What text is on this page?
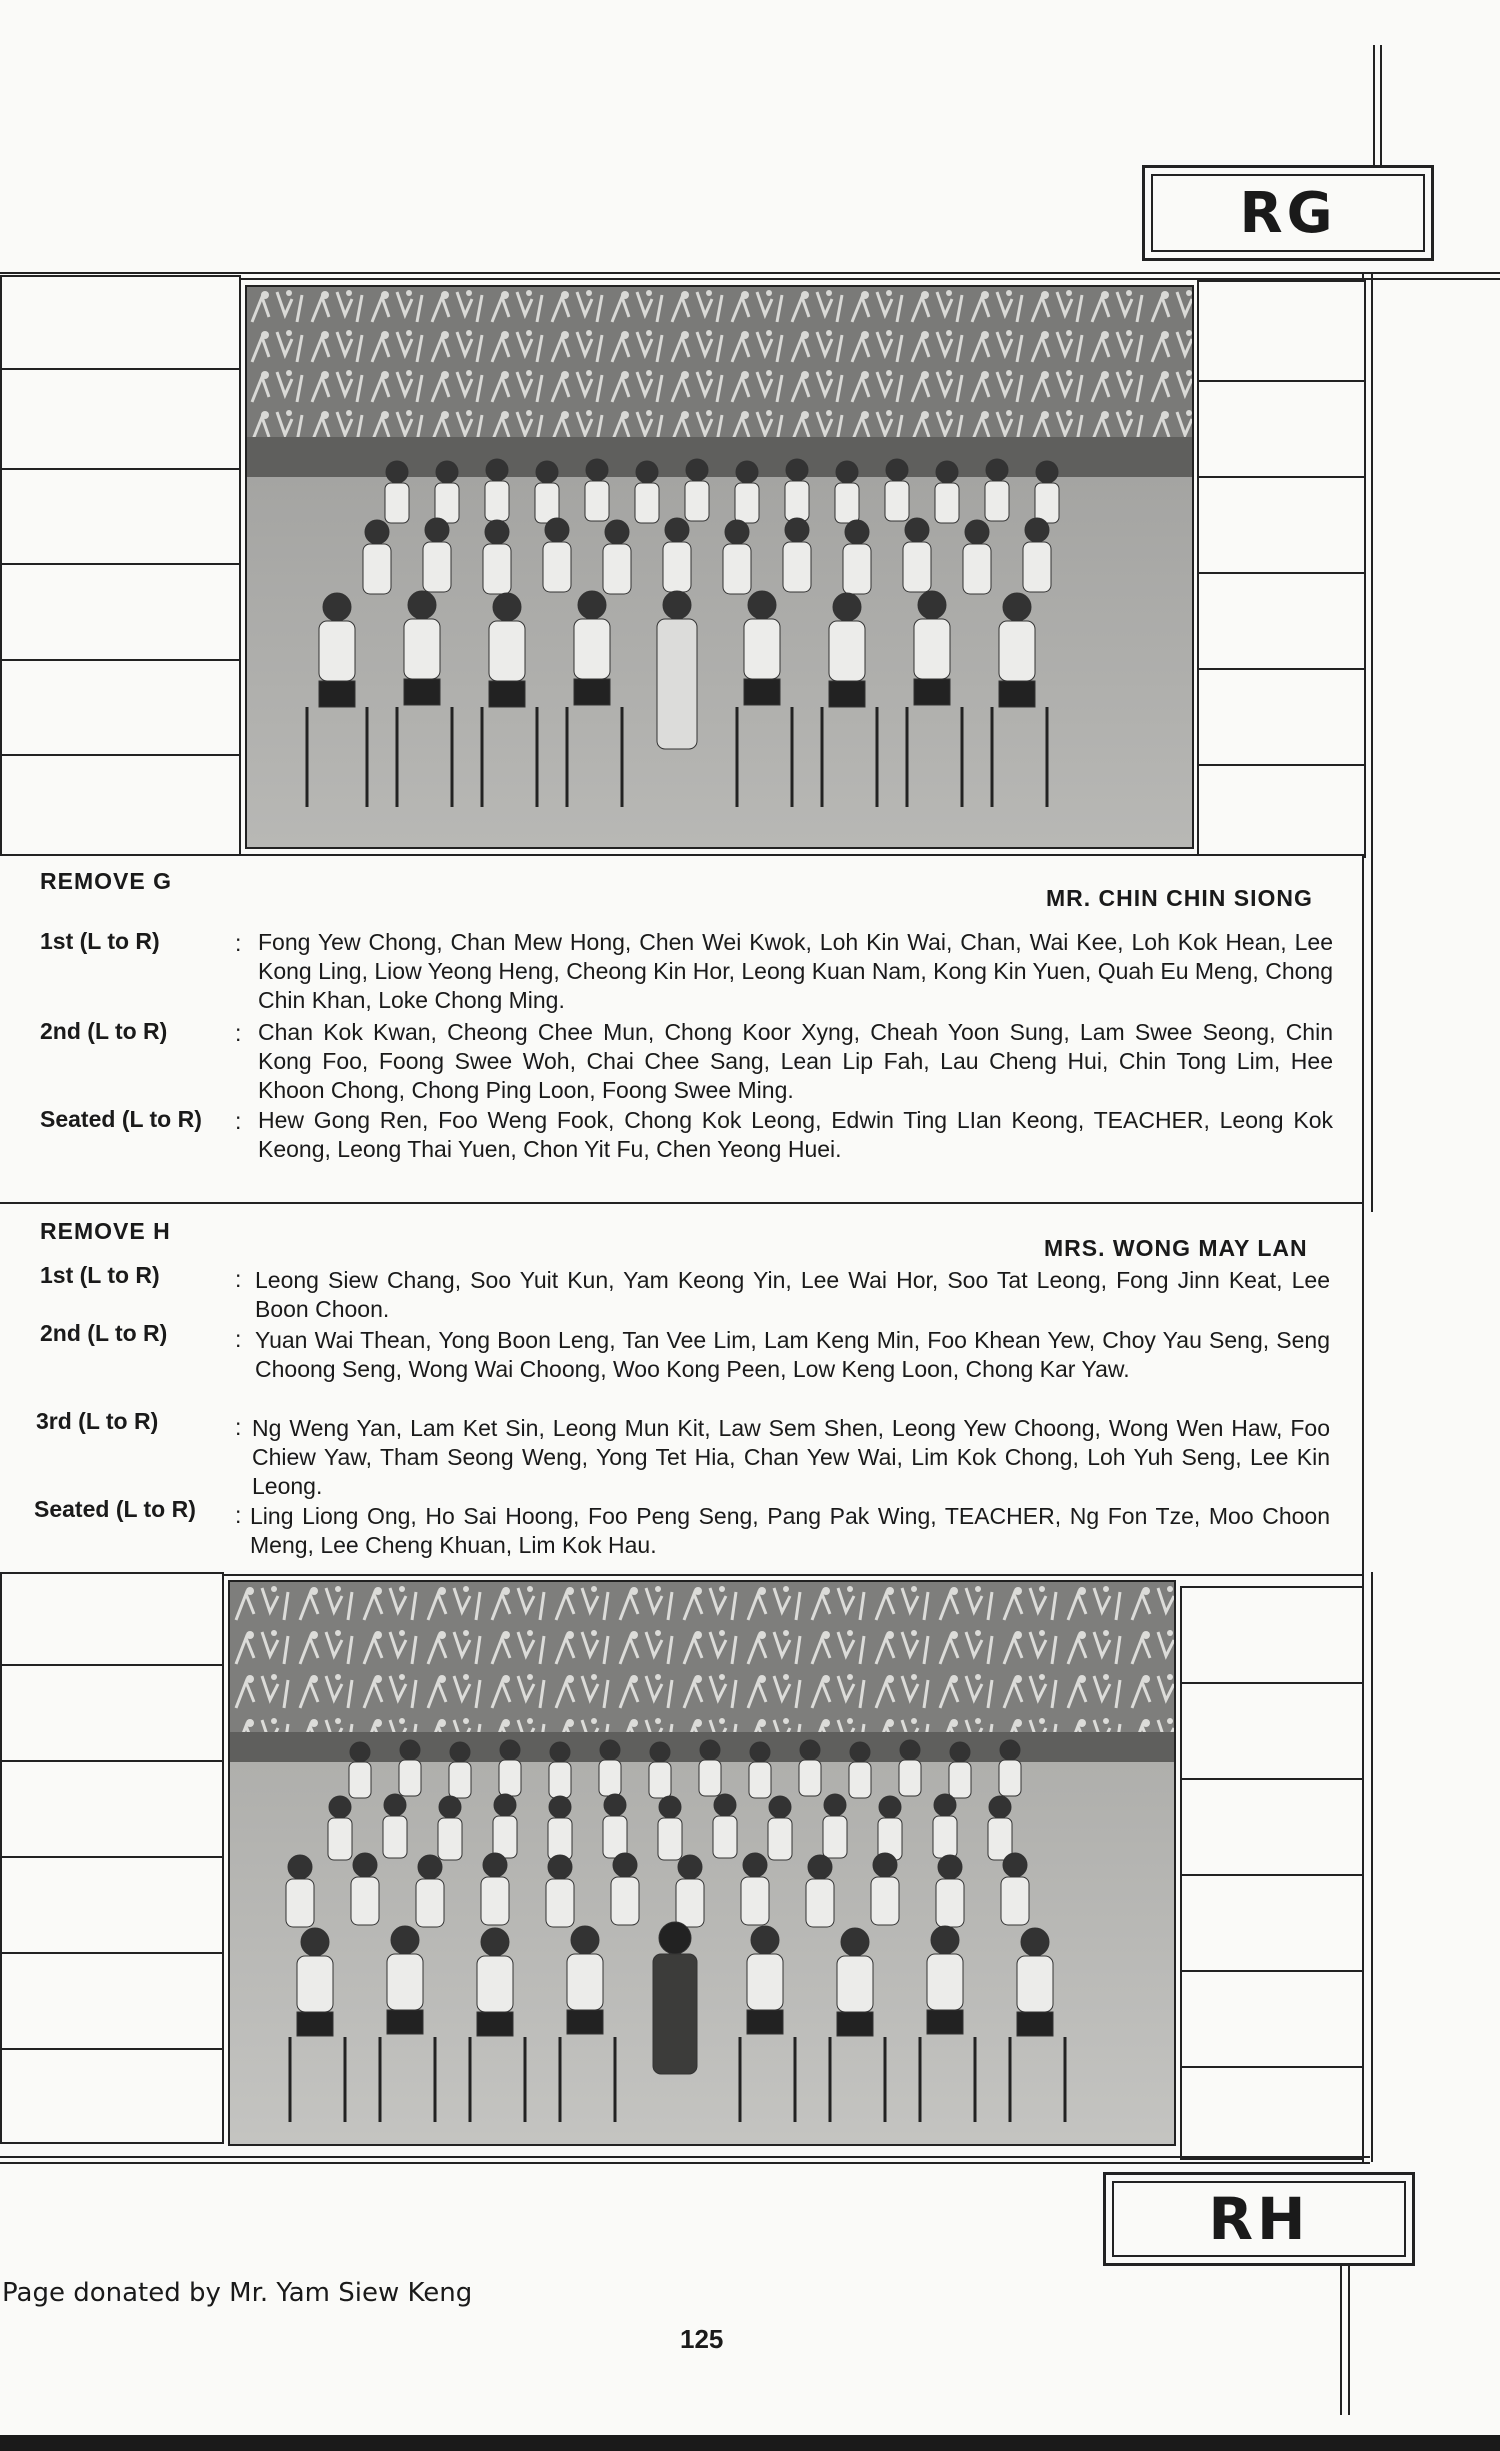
RG
REMOVE G
MR. CHIN CHIN SIONG
1st (L to R)	: Fong Yew Chong, Chan Mew Hong, Chen Wei Kwok, Loh Kin Wai, Chan, Wai Kee, Loh Kok Hean, Lee Kong Ling, Liow Yeong Heng, Cheong Kin Hor, Leong Kuan Nam, Kong Kin Yuen, Quah Eu Meng, Chong Chin Khan, Loke Chong Ming.
2nd (L to R)	: Chan Kok Kwan, Cheong Chee Mun, Chong Koor Xyng, Cheah Yoon Sung, Lam Swee Seong, Chin Kong Foo, Foong Swee Woh, Chai Chee Sang, Lean Lip Fah, Lau Cheng Hui, Chin Tong Lim, Hee Khoon Chong, Chong Ping Loon, Foong Swee Ming.
Seated (L to R) : Hew Gong Ren, Foo Weng Fook, Chong Kok Leong, Edwin Ting LIan Keong, TEACHER, Leong Kok Keong, Leong Thai Yuen, Chon Yit Fu, Chen Yeong Huei.
REMOVE H
MRS. WONG MAY LAN
1st (L to R)	: Leong Siew Chang, Soo Yuit Kun, Yam Keong Yin, Lee Wai Hor, Soo Tat Leong, Fong Jinn Keat, Lee Boon Choon.
2nd (L to R)	: Yuan Wai Thean, Yong Boon Leng, Tan Vee Lim, Lam Keng Min, Foo Khean Yew, Choy Yau Seng, Seng Choong Seng, Wong Wai Choong, Woo Kong Peen, Low Keng Loon, Chong Kar Yaw.
3rd (L to R)	: Ng Weng Yan, Lam Ket Sin, Leong Mun Kit, Law Sem Shen, Leong Yew Choong, Wong Wen Haw, Foo Chiew Yaw, Tham Seong Weng, Yong Tet Hia, Chan Yew Wai, Lim Kok Chong, Loh Yuh Seng, Lee Kin Leong.
Seated (L to R) : Ling Liong Ong, Ho Sai Hoong, Foo Peng Seng, Pang Pak Wing, TEACHER, Ng Fon Tze, Moo Choon Meng, Lee Cheng Khuan, Lim Kok Hau.
RH
Page donated by Mr. Yam Siew Keng
125
